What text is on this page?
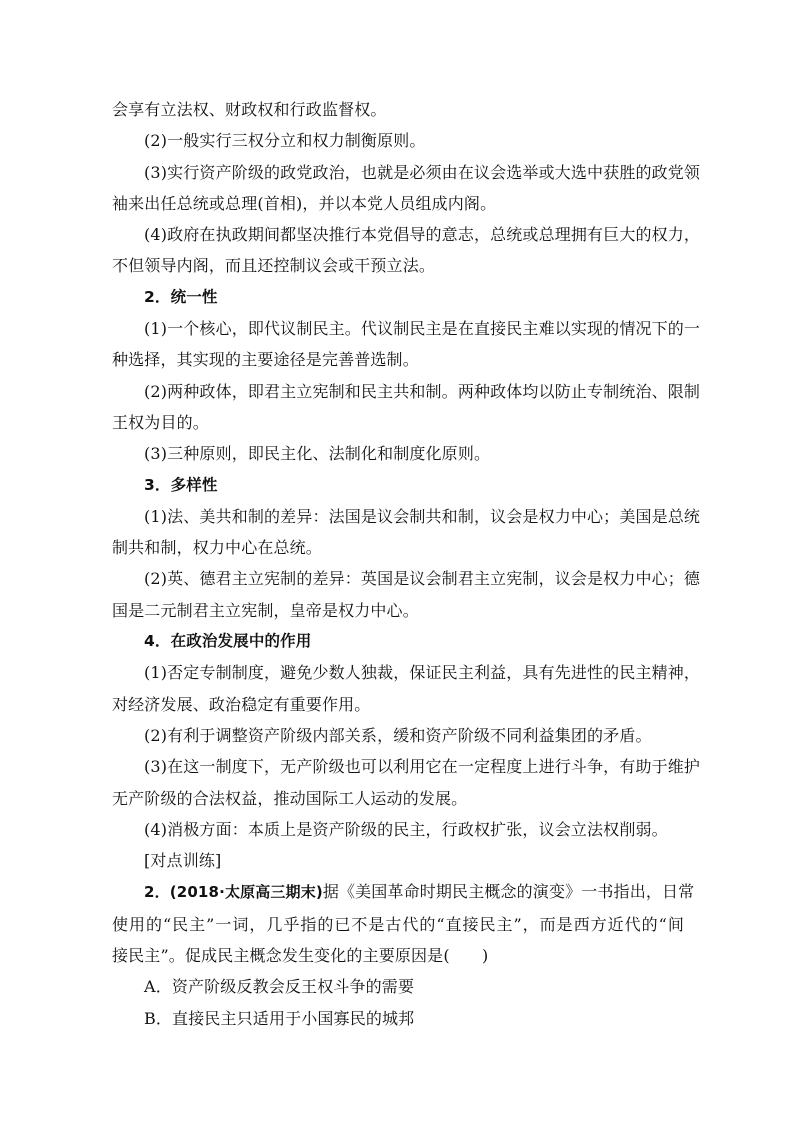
会享有立法权、财政权和行政监督权。
(2)一般实行三权分立和权力制衡原则。
(3)实行资产阶级的政党政治，也就是必须由在议会选举或大选中获胜的政党领
袖来出任总统或总理(首相)，并以本党人员组成内阁。
(4)政府在执政期间都坚决推行本党倡导的意志，总统或总理拥有巨大的权力，
不但领导内阁，而且还控制议会或干预立法。
2．统一性
(1)一个核心，即代议制民主。代议制民主是在直接民主难以实现的情况下的一
种选择，其实现的主要途径是完善普选制。
(2)两种政体，即君主立宪制和民主共和制。两种政体均以防止专制统治、限制
王权为目的。
(3)三种原则，即民主化、法制化和制度化原则。
3．多样性
(1)法、美共和制的差异：法国是议会制共和制，议会是权力中心；美国是总统
制共和制，权力中心在总统。
(2)英、德君主立宪制的差异：英国是议会制君主立宪制，议会是权力中心；德
国是二元制君主立宪制，皇帝是权力中心。
4．在政治发展中的作用
(1)否定专制制度，避免少数人独裁，保证民主利益，具有先进性的民主精神，
对经济发展、政治稳定有重要作用。
(2)有利于调整资产阶级内部关系，缓和资产阶级不同利益集团的矛盾。
(3)在这一制度下，无产阶级也可以利用它在一定程度上进行斗争，有助于维护
无产阶级的合法权益，推动国际工人运动的发展。
(4)消极方面：本质上是资产阶级的民主，行政权扩张，议会立法权削弱。
[对点训练]
2．(2018·太原高三期末)据《美国革命时期民主概念的演变》一书指出，日常
使用的“民主”一词，几乎指的已不是古代的“直接民主”，而是西方近代的“间
接民主”。促成民主概念发生变化的主要原因是(　　)
A．资产阶级反教会反王权斗争的需要
B．直接民主只适用于小国寡民的城邦
